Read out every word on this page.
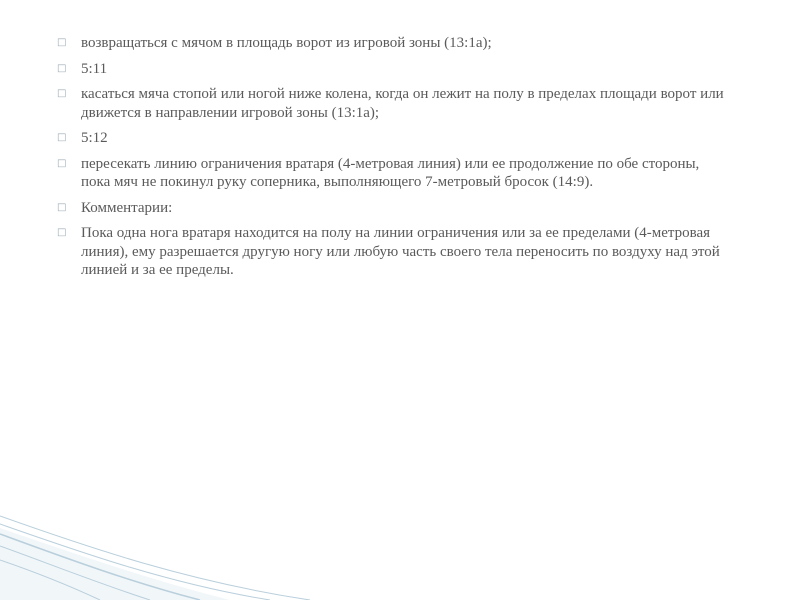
□ возвращаться с мячом в площадь ворот из игровой зоны (13:1а);
□ 5:11
□ касаться мяча стопой или ногой ниже колена, когда он лежит на полу в пределах площади ворот или движется в направлении игровой зоны (13:1а);
□ 5:12
□ пересекать линию ограничения вратаря (4-метровая линия) или ее продолжение по обе стороны, пока мяч не покинул руку соперника, выполняющего 7-метровый бросок (14:9).
□ Комментарии:
□ Пока одна нога вратаря находится на полу на линии ограничения или за ее пределами (4-метровая линия), ему разрешается другую ногу или любую часть своего тела переносить по воздуху над этой линией и за ее пределы.
